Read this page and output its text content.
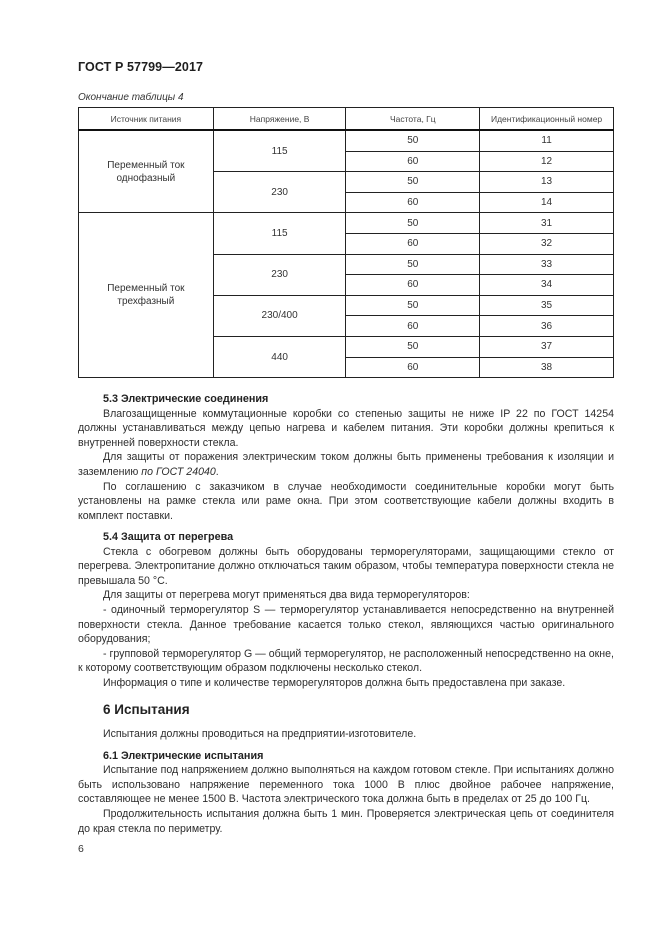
ГОСТ Р 57799—2017
Окончание таблицы 4
Источник питания	Напряжение, В	Частота, Гц	Идентификационный номер
Переменный ток однофазный	115	50	11
		60	12
	230	50	13
		60	14
Переменный ток трехфазный	115	50	31
		60	32
	230	50	33
		60	34
	230/400	50	35
		60	36
	440	50	37
		60	38

5.3 Электрические соединения

Влагозащищенные коммутационные коробки со степенью защиты не ниже IP 22 по ГОСТ 14254 должны устанавливаться между цепью нагрева и кабелем питания. Эти коробки должны крепиться к внутренней поверхности стекла.

Для защиты от поражения электрическим током должны быть применены требования к изоляции и заземлению по ГОСТ 24040.

По соглашению с заказчиком в случае необходимости соединительные коробки могут быть установлены на рамке стекла или раме окна. При этом соответствующие кабели должны входить в комплект поставки.

5.4 Защита от перегрева

Стекла с обогревом должны быть оборудованы терморегуляторами, защищающими стекло от перегрева. Электропитание должно отключаться таким образом, чтобы температура поверхности стекла не превышала 50 °С.

Для защиты от перегрева могут применяться два вида терморегуляторов:

- одиночный терморегулятор S — терморегулятор устанавливается непосредственно на внутренней поверхности стекла. Данное требование касается только стекол, являющихся частью оригинального оборудования;

- групповой терморегулятор G — общий терморегулятор, не расположенный непосредственно на окне, к которому соответствующим образом подключены несколько стекол.

Информация о типе и количестве терморегуляторов должна быть предоставлена при заказе.

6 Испытания

Испытания должны проводиться на предприятии-изготовителе.

6.1 Электрические испытания

Испытание под напряжением должно выполняться на каждом готовом стекле. При испытаниях должно быть использовано напряжение переменного тока 1000 В плюс двойное рабочее напряжение, составляющее не менее 1500 В. Частота электрического тока должна быть в пределах от 25 до 100 Гц.

Продолжительность испытания должна быть 1 мин. Проверяется электрическая цепь от соединителя до края стекла по периметру.

6
